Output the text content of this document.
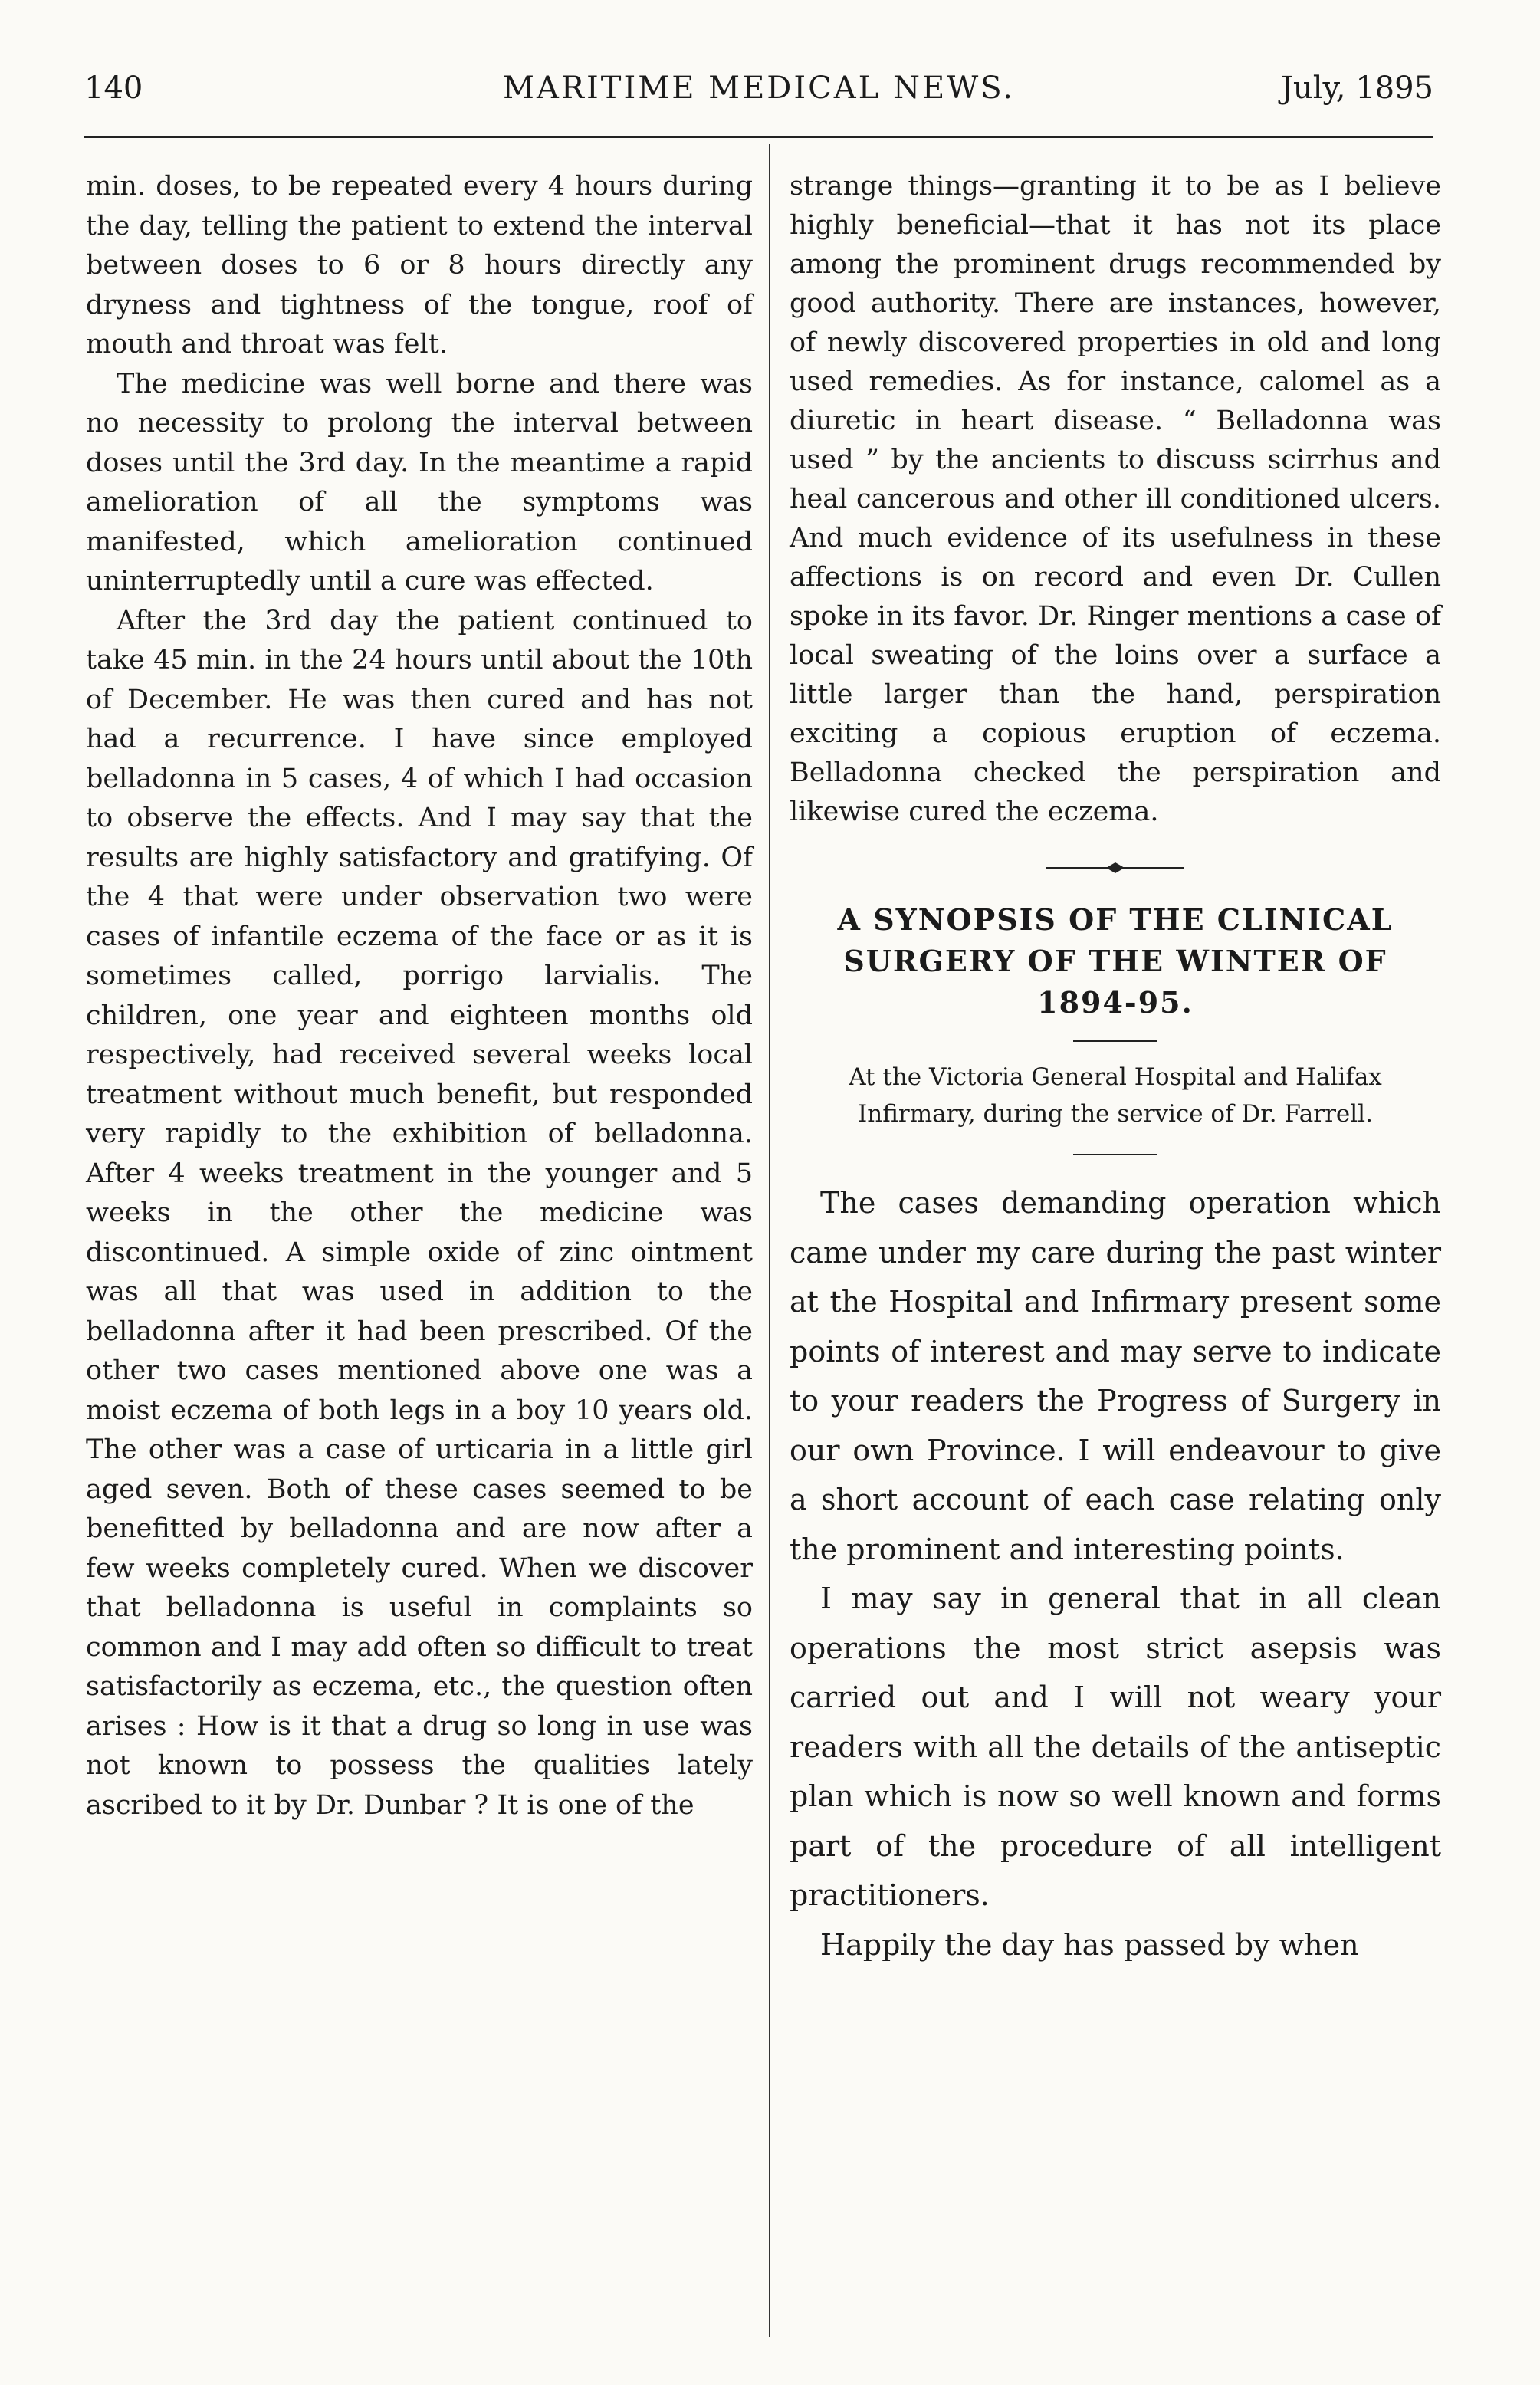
140	MARITIME MEDICAL NEWS.	July, 1895

min. doses, to be repeated every 4 hours during the day, telling the patient to extend the interval between doses to 6 or 8 hours directly any dryness and tightness of the tongue, roof of mouth and throat was felt.

The medicine was well borne and there was no necessity to prolong the interval between doses until the 3rd day. In the meantime a rapid amelioration of all the symptoms was manifested, which amelioration continued uninterruptedly until a cure was effected.

After the 3rd day the patient continued to take 45 min. in the 24 hours until about the 10th of December. He was then cured and has not had a recurrence. I have since employed belladonna in 5 cases, 4 of which I had occasion to observe the effects. And I may say that the results are highly satisfactory and gratifying. Of the 4 that were under observation two were cases of infantile eczema of the face or as it is sometimes called, porrigo larvialis. The children, one year and eighteen months old respectively, had received several weeks local treatment without much benefit, but responded very rapidly to the exhibition of belladonna. After 4 weeks treatment in the younger and 5 weeks in the other the medicine was discontinued. A simple oxide of zinc ointment was all that was used in addition to the belladonna after it had been prescribed. Of the other two cases mentioned above one was a moist eczema of both legs in a boy 10 years old. The other was a case of urticaria in a little girl aged seven. Both of these cases seemed to be benefitted by belladonna and are now after a few weeks completely cured. When we discover that belladonna is useful in complaints so common and I may add often so difficult to treat satisfactorily as eczema, etc., the question often arises : How is it that a drug so long in use was not known to possess the qualities lately ascribed to it by Dr. Dunbar ? It is one of the

strange things—granting it to be as I believe highly beneficial—that it has not its place among the prominent drugs recommended by good authority. There are instances, however, of newly discovered properties in old and long used remedies. As for instance, calomel as a diuretic in heart disease. “ Belladonna was used ” by the ancients to discuss scirrhus and heal cancerous and other ill conditioned ulcers. And much evidence of its usefulness in these affections is on record and even Dr. Cullen spoke in its favor. Dr. Ringer mentions a case of local sweating of the loins over a surface a little larger than the hand, perspiration exciting a copious eruption of eczema. Belladonna checked the perspiration and likewise cured the eczema.

A SYNOPSIS OF THE CLINICAL SURGERY OF THE WINTER OF 1894-95.

At the Victoria General Hospital and Halifax Infirmary, during the service of Dr. Farrell.

The cases demanding operation which came under my care during the past winter at the Hospital and Infirmary present some points of interest and may serve to indicate to your readers the Progress of Surgery in our own Province. I will endeavour to give a short account of each case relating only the prominent and interesting points.

I may say in general that in all clean operations the most strict asepsis was carried out and I will not weary your readers with all the details of the antiseptic plan which is now so well known and forms part of the procedure of all intelligent practitioners.

Happily the day has passed by when
